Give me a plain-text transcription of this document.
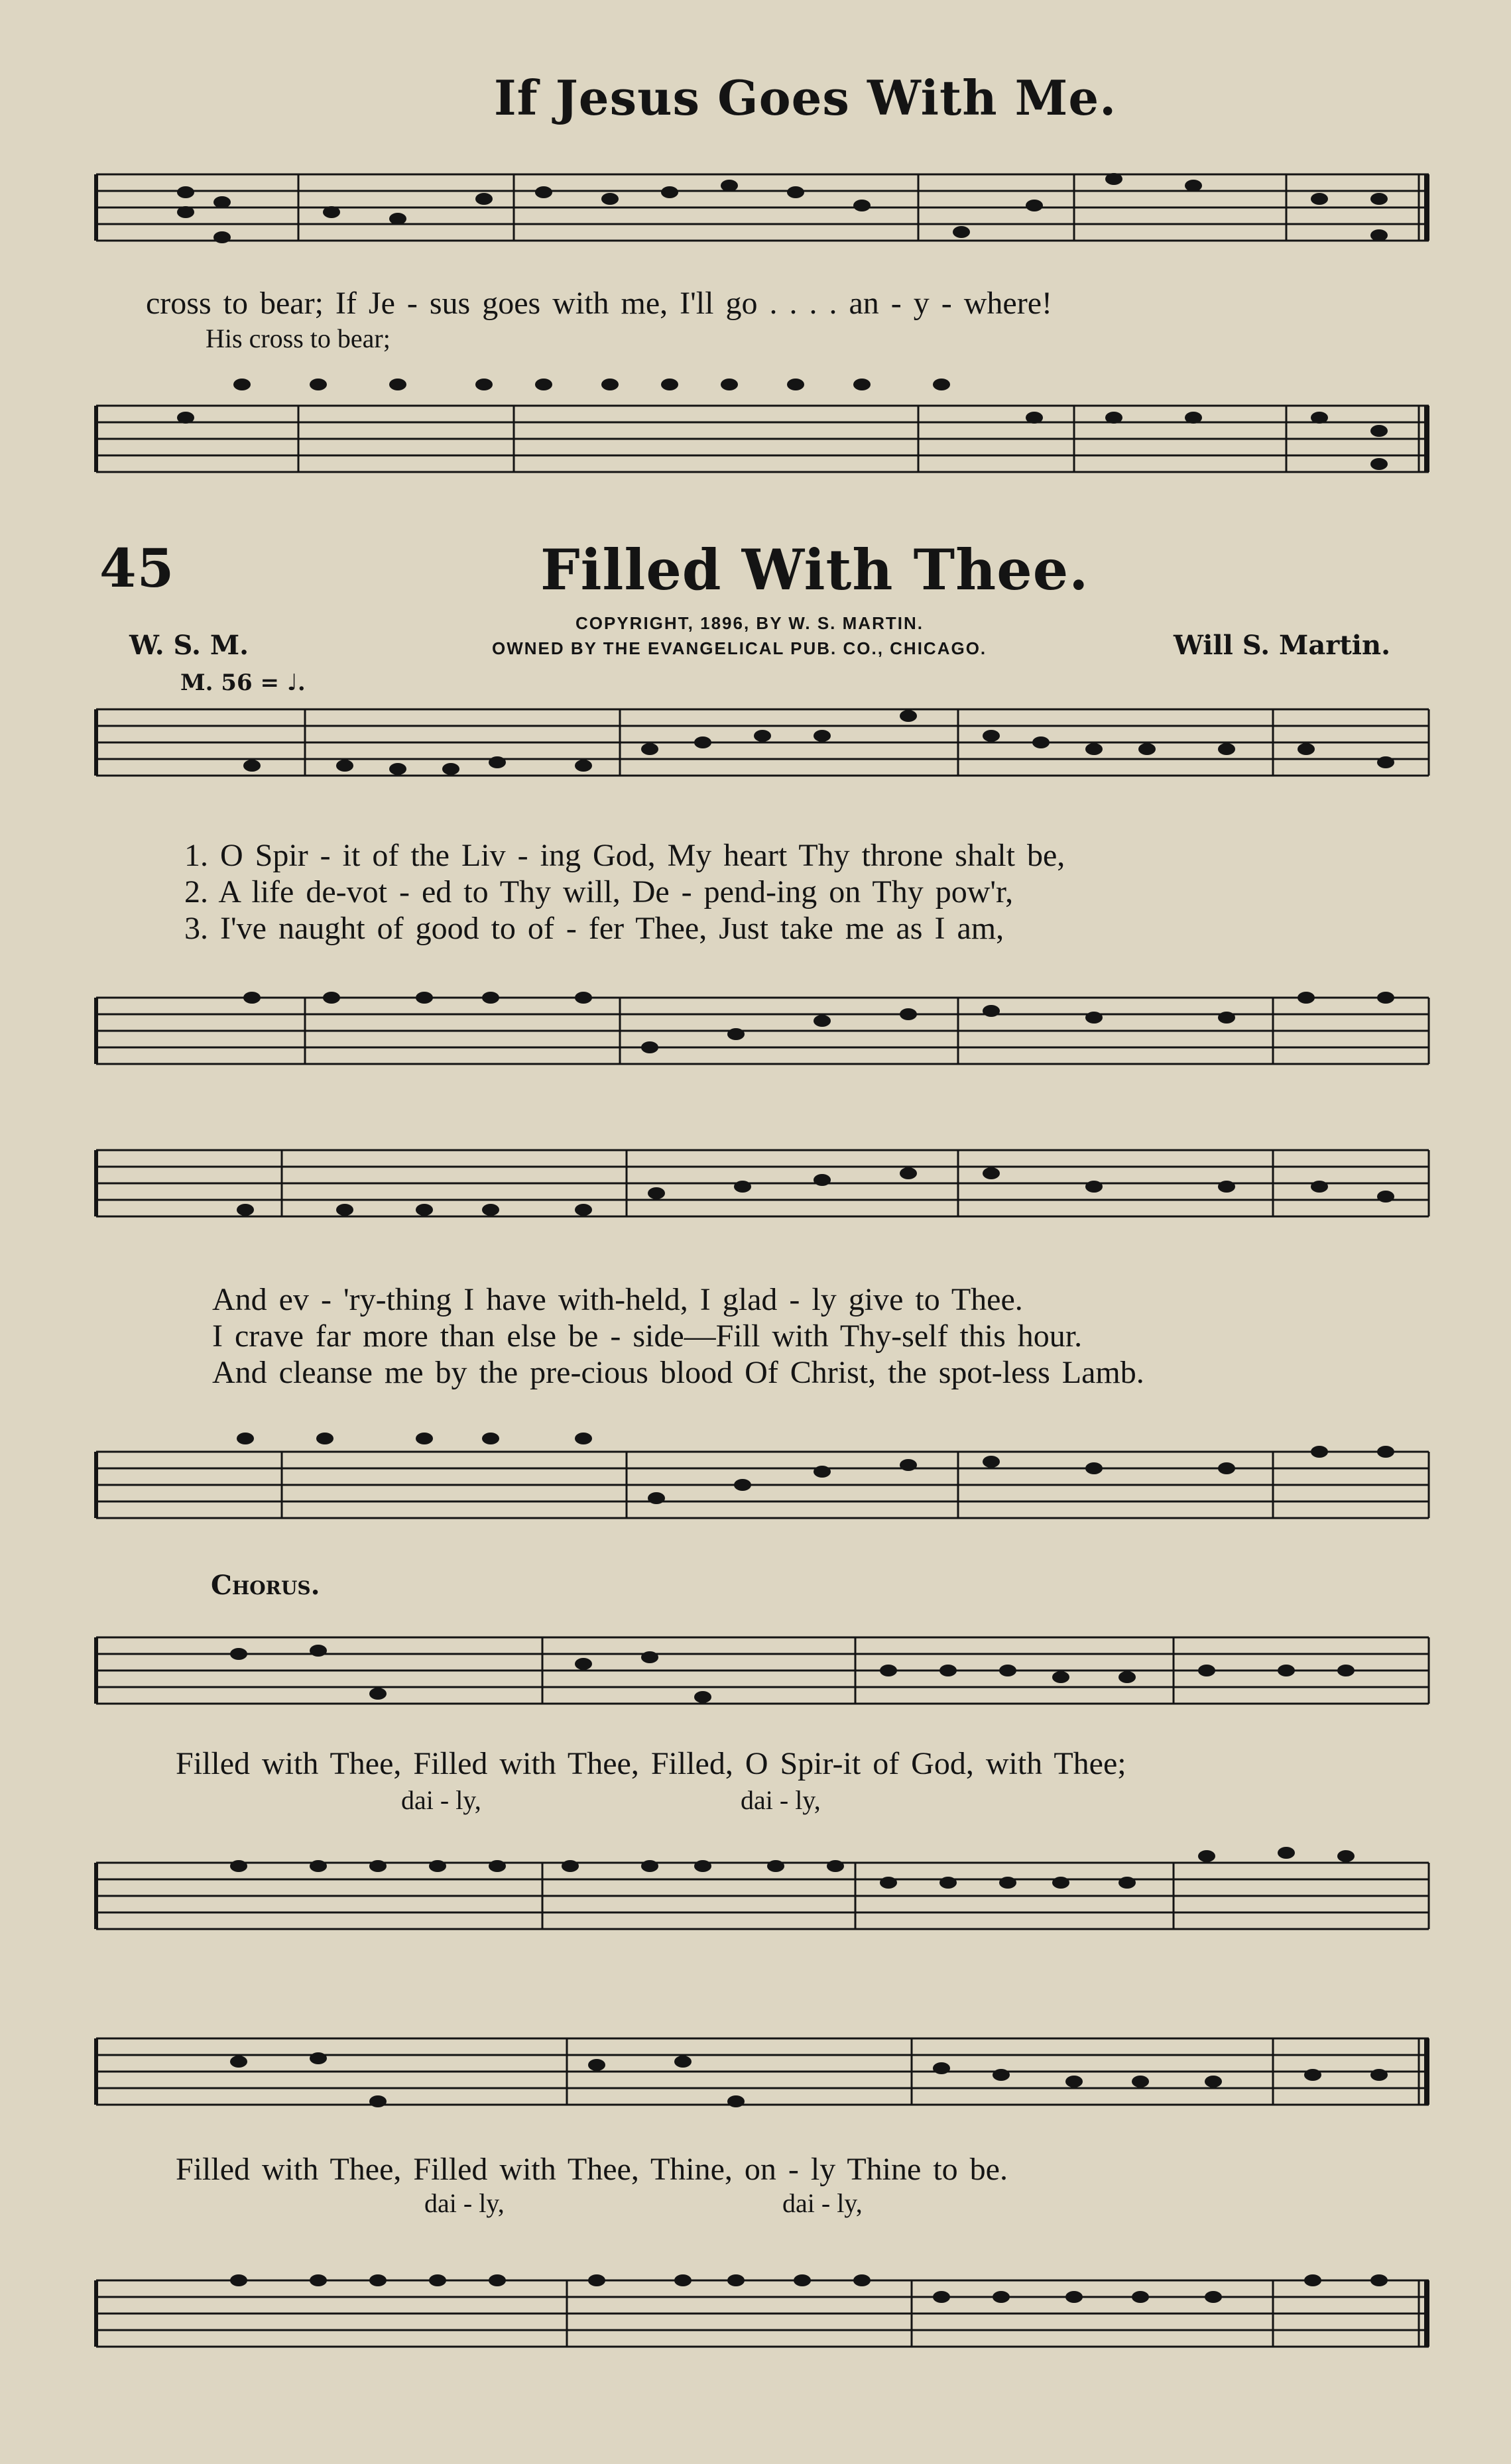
If Jesus Goes With Me.
cross to bear; If Je - sus goes with me, I'll go . . . . an - y - where!
His cross to bear;
45	Filled With Thee.
COPYRIGHT, 1896, BY W. S. MARTIN.
OWNED BY THE EVANGELICAL PUB. CO., CHICAGO.
W. S. M.	Will S. Martin.
M. 56 = ♩.
1. O Spir - it of the Liv - ing God, My heart Thy throne shalt be,
2. A life de-vot - ed to Thy will, De - pend-ing on Thy pow'r,
3. I've naught of good to of - fer Thee, Just take me as I am,
And ev - 'ry-thing I have with-held, I glad - ly give to Thee.
I crave far more than else be - side—Fill with Thy-self this hour.
And cleanse me by the pre-cious blood Of Christ, the spot-less Lamb.
Chorus.
Filled with Thee, Filled with Thee, Filled, O Spir-it of God, with Thee;
dai - ly,	dai - ly,
Filled with Thee, Filled with Thee, Thine, on - ly Thine to be.
dai - ly,	dai - ly,
